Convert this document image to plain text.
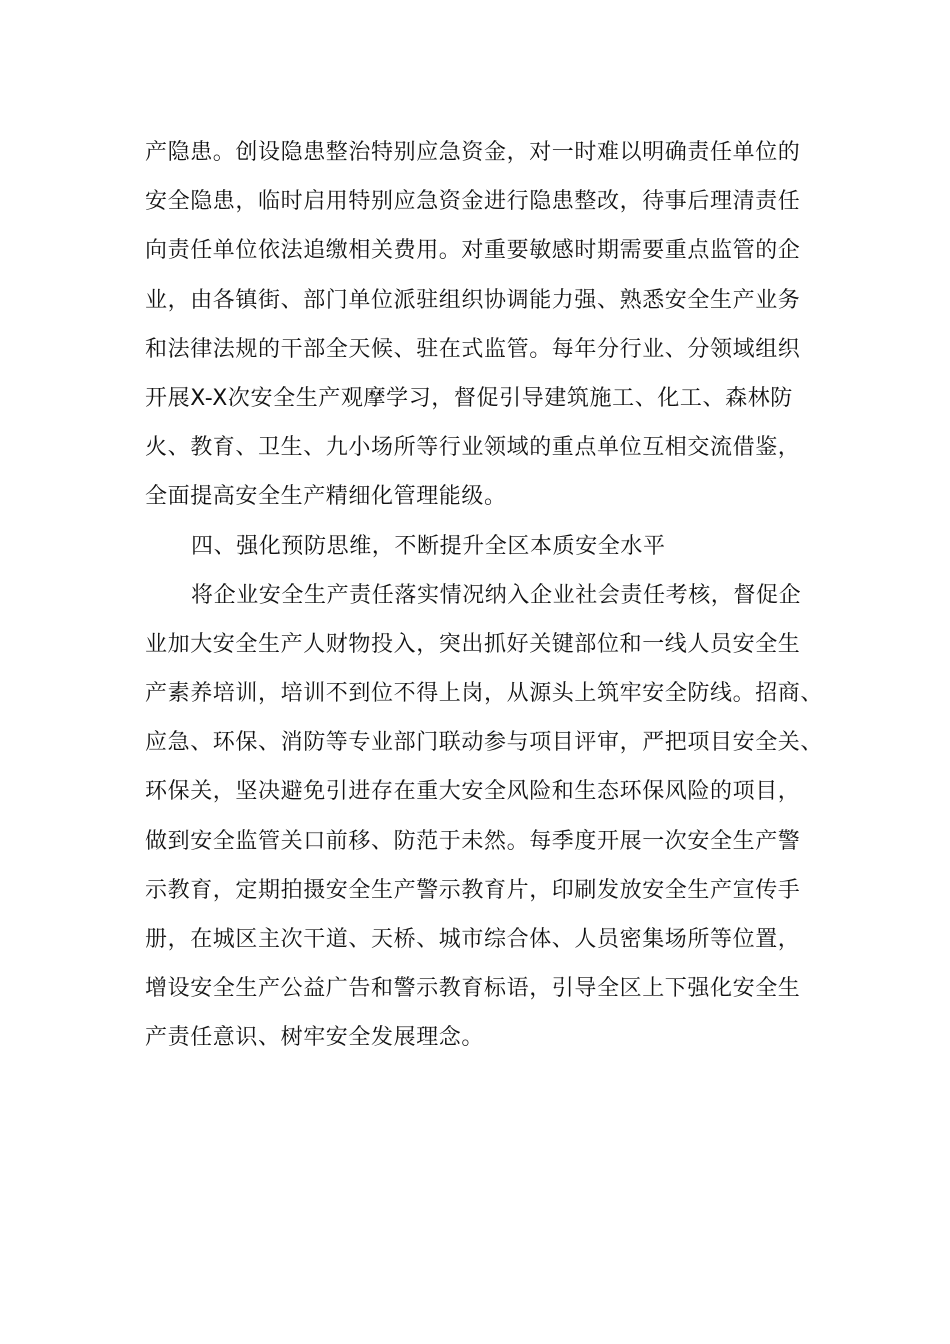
产隐患。创设隐患整治特别应急资金，对一时难以明确责任单位的
安全隐患，临时启用特别应急资金进行隐患整改，待事后理清责任
向责任单位依法追缴相关费用。对重要敏感时期需要重点监管的企
业，由各镇街、部门单位派驻组织协调能力强、熟悉安全生产业务
和法律法规的干部全天候、驻在式监管。每年分行业、分领域组织
开展X-X次安全生产观摩学习，督促引导建筑施工、化工、森林防
火、教育、卫生、九小场所等行业领域的重点单位互相交流借鉴，
全面提高安全生产精细化管理能级。
四、强化预防思维，不断提升全区本质安全水平
将企业安全生产责任落实情况纳入企业社会责任考核，督促企
业加大安全生产人财物投入，突出抓好关键部位和一线人员安全生
产素养培训，培训不到位不得上岗，从源头上筑牢安全防线。招商、
应急、环保、消防等专业部门联动参与项目评审，严把项目安全关、
环保关，坚决避免引进存在重大安全风险和生态环保风险的项目，
做到安全监管关口前移、防范于未然。每季度开展一次安全生产警
示教育，定期拍摄安全生产警示教育片，印刷发放安全生产宣传手
册，在城区主次干道、天桥、城市综合体、人员密集场所等位置，
增设安全生产公益广告和警示教育标语，引导全区上下强化安全生
产责任意识、树牢安全发展理念。
